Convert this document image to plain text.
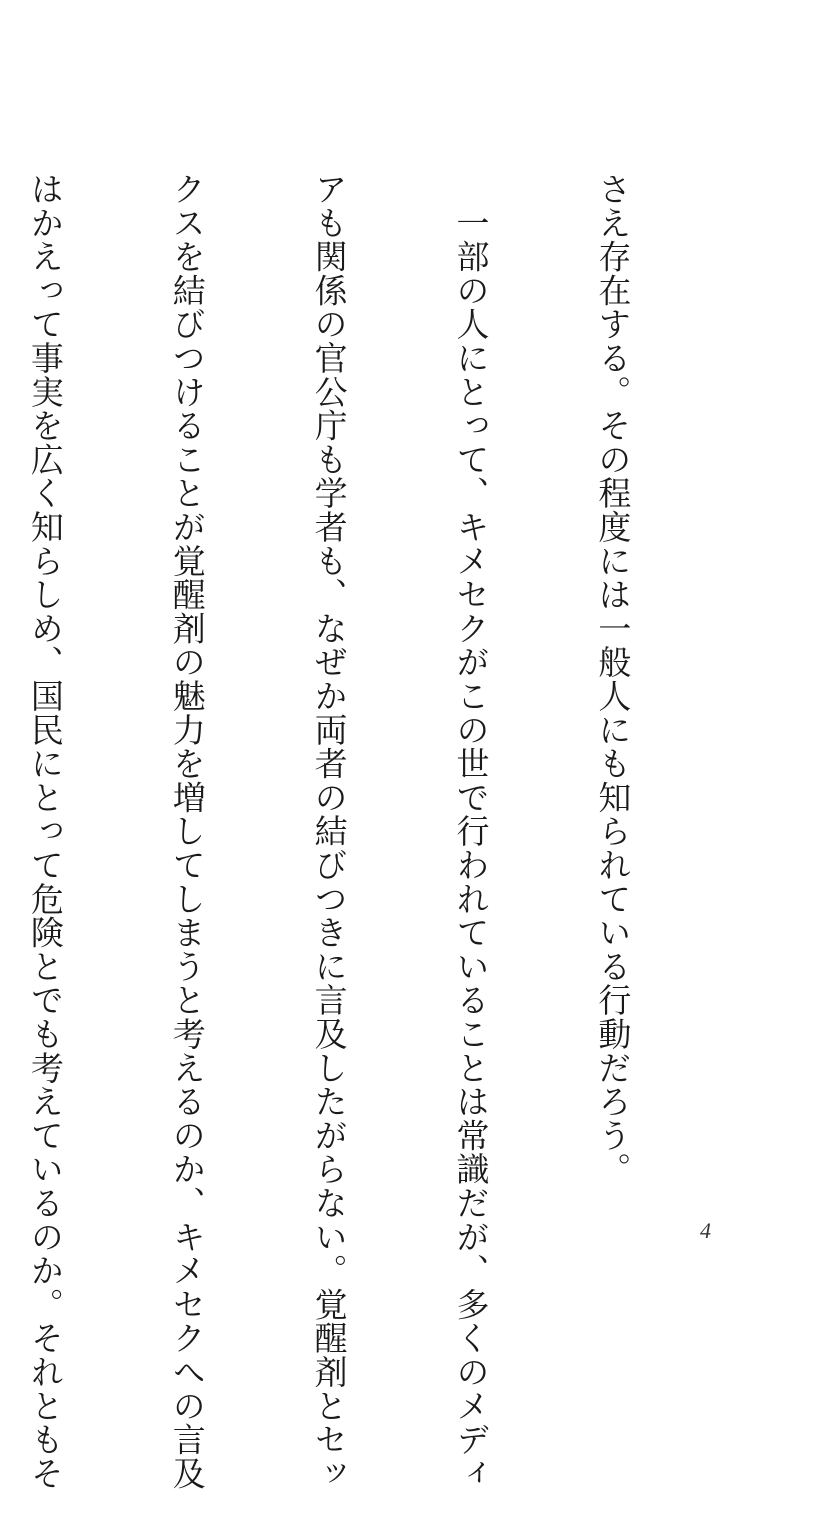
さえ存在する。その程度には一般人にも知られている行動だろう。

　一部の人にとって、キメセクがこの世で行われていることは常識だが、多くのメディ

アも関係の官公庁も学者も、なぜか両者の結びつきに言及したがらない。覚醒剤とセッ

クスを結びつけることが覚醒剤の魅力を増してしまうと考えるのか、キメセクへの言及

はかえって事実を広く知らしめ、国民にとって危険とでも考えているのか。それともそ

	4
